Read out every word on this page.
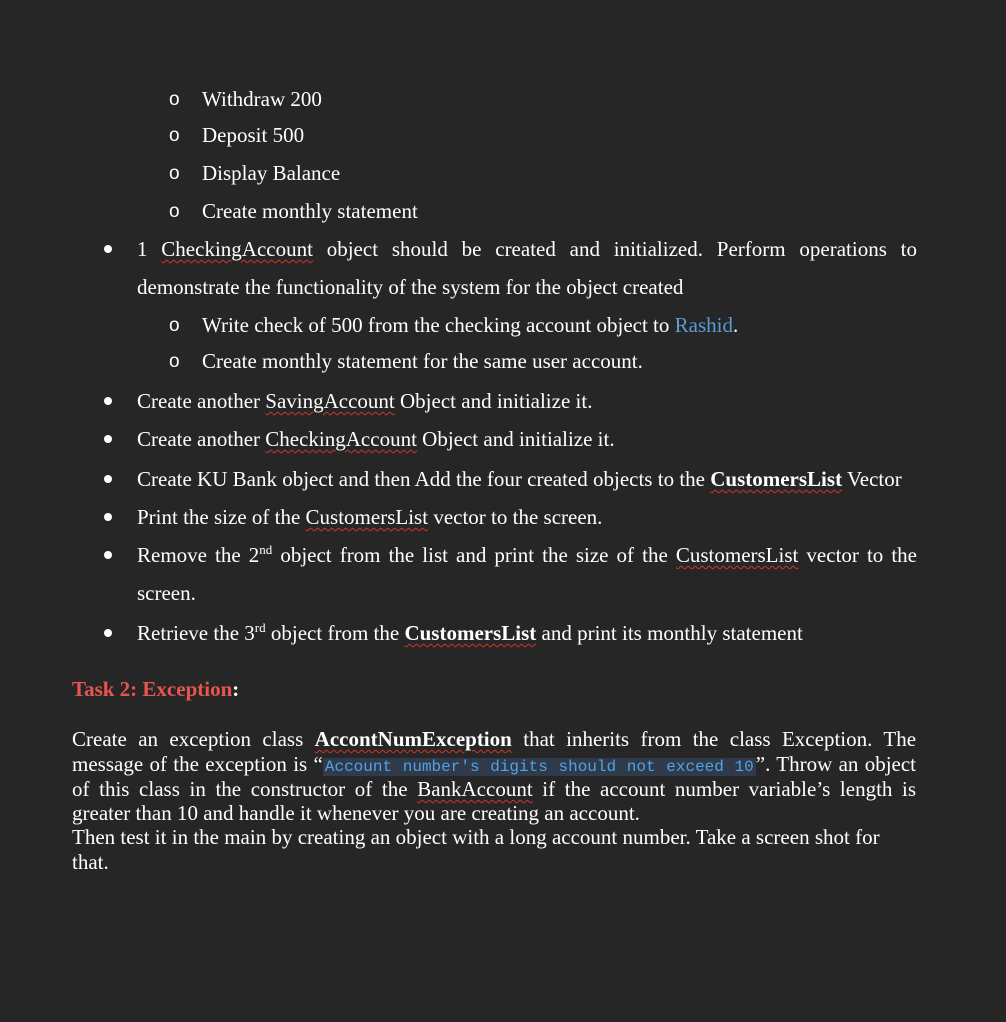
o Withdraw 200
o Deposit 500
o Display Balance
o Create monthly statement
1 CheckingAccount object should be created and initialized. Perform operations to
demonstrate the functionality of the system for the object created
o Write check of 500 from the checking account object to Rashid.
o Create monthly statement for the same user account.
Create another SavingAccount Object and initialize it.
Create another CheckingAccount Object and initialize it.
Create KU Bank object and then Add the four created objects to the CustomersList Vector
Print the size of the CustomersList vector to the screen.
Remove the 2nd object from the list and print the size of the CustomersList vector to the
screen.
Retrieve the 3rd object from the CustomersList and print its monthly statement
Task 2: Exception:
Create an exception class AccontNumException that inherits from the class Exception. The
message of the exception is “ Account number's digits should not exceed 10”. Throw an object
of this class in the constructor of the BankAccount if the account number variable’s length is
greater than 10 and handle it whenever you are creating an account.
Then test it in the main by creating an object with a long account number. Take a screen shot for
that.
